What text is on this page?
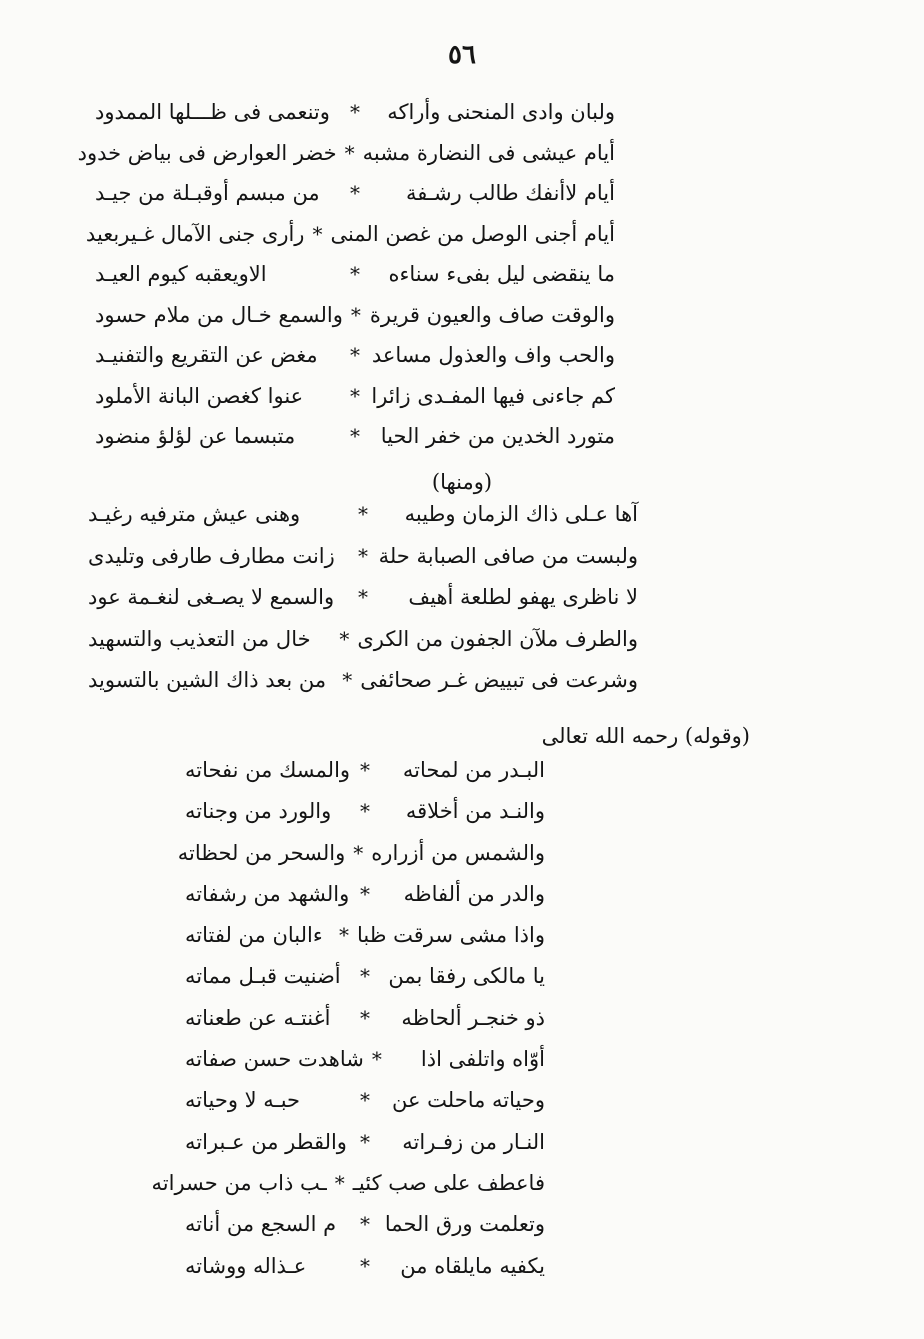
٥٦
ولبان وادى المنحنى وأراكه
*
وتنعمى فى ظـــلها الممدود
أيام عيشى فى النضارة مشبه
*
خضر العوارض فى بياض خدود
أيام لاأنفك طالب رشـفة
*
من مبسم أوقبـلة من جيـد
أيام أجنى الوصل من غصن المنى
*
رأرى جنى الآمال غـيربعيد
ما ينقضى ليل بفىء سناءه
*
الاويعقبه كيوم العيـد
والوقت صاف والعيون قريرة
*
والسمع خـال من ملام حسود
والحب واف والعذول مساعد
*
مغض عن التقريع والتفنيـد
كم جاءنى فيها المفـدى زائرا
*
عنوا كغصن البانة الأملود
متورد الخدين من خفر الحيا
*
متبسما عن لؤلؤ منضود
(ومنها)
آها عـلى ذاك الزمان وطيبه
*
وهنى عيش مترفيه رغيـد
ولبست من صافى الصبابة حلة
*
زانت مطارف طارفى وتليدى
لا ناظرى يهفو لطلعة أهيف
*
والسمع لا يصـغى لنغـمة عود
والطرف ملآن الجفون من الكرى
*
خال من التعذيب والتسهيد
وشرعت فى تبييض غـر صحائفى
*
من بعد ذاك الشين بالتسويد
(وقوله) رحمه الله تعالى
البـدر من لمحاته
*
والمسك من نفحاته
والنـد من أخلاقه
*
والورد من وجناته
والشمس من أزراره
*
والسحر من لحظاته
والدر من ألفاظه
*
والشهد من رشفاته
واذا مشى سرقت ظبا
*
ءالبان من لفتاته
يا مالكى رفقا بمن
*
أضنيت قبـل مماته
ذو خنجـر ألحاظه
*
أغنتـه عن طعناته
أوّاه واتلفى اذا
*
شاهدت حسن صفاته
وحياته ماحلت عن
*
حبـه لا وحياته
النـار من زفـراته
*
والقطر من عـبراته
فاعطف على صب كئيـ
*
ـب ذاب من حسراته
وتعلمت ورق الحما
*
م السجع من أناته
يكفيه مايلقاه من
*
عـذاله ووشاته
